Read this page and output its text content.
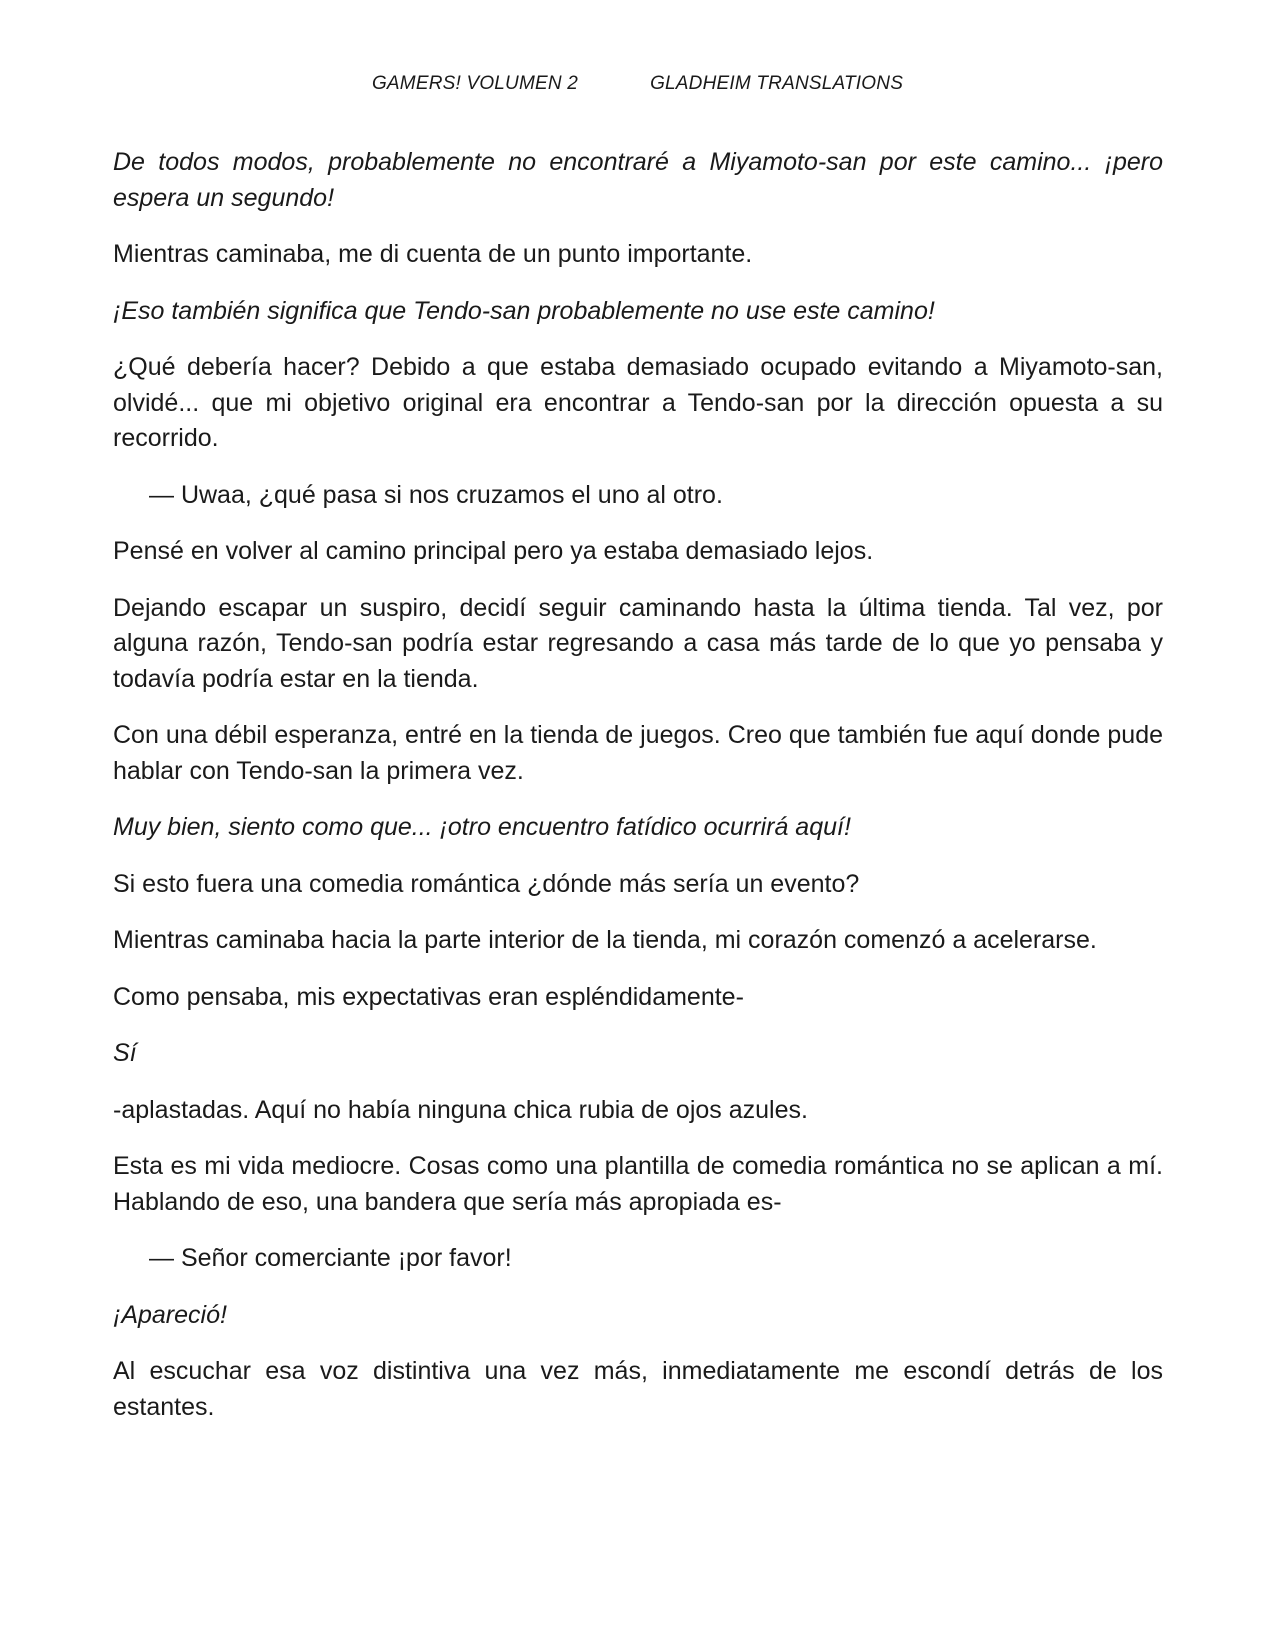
GAMERS! VOLUMEN 2	GLADHEIM TRANSLATIONS

De todos modos, probablemente no encontraré a Miyamoto-san por este camino... ¡pero espera un segundo!

Mientras caminaba, me di cuenta de un punto importante.

¡Eso también significa que Tendo-san probablemente no use este camino!

¿Qué debería hacer? Debido a que estaba demasiado ocupado evitando a Miyamoto-san, olvidé... que mi objetivo original era encontrar a Tendo-san por la dirección opuesta a su recorrido.

— Uwaa, ¿qué pasa si nos cruzamos el uno al otro.

Pensé en volver al camino principal pero ya estaba demasiado lejos.

Dejando escapar un suspiro, decidí seguir caminando hasta la última tienda. Tal vez, por alguna razón, Tendo-san podría estar regresando a casa más tarde de lo que yo pensaba y todavía podría estar en la tienda.

Con una débil esperanza, entré en la tienda de juegos. Creo que también fue aquí donde pude hablar con Tendo-san la primera vez.

Muy bien, siento como que... ¡otro encuentro fatídico ocurrirá aquí!

Si esto fuera una comedia romántica ¿dónde más sería un evento?

Mientras caminaba hacia la parte interior de la tienda, mi corazón comenzó a acelerarse.

Como pensaba, mis expectativas eran espléndidamente-

Sí

-aplastadas. Aquí no había ninguna chica rubia de ojos azules.

Esta es mi vida mediocre. Cosas como una plantilla de comedia romántica no se aplican a mí. Hablando de eso, una bandera que sería más apropiada es-

— Señor comerciante ¡por favor!

¡Apareció!

Al escuchar esa voz distintiva una vez más, inmediatamente me escondí detrás de los estantes.
